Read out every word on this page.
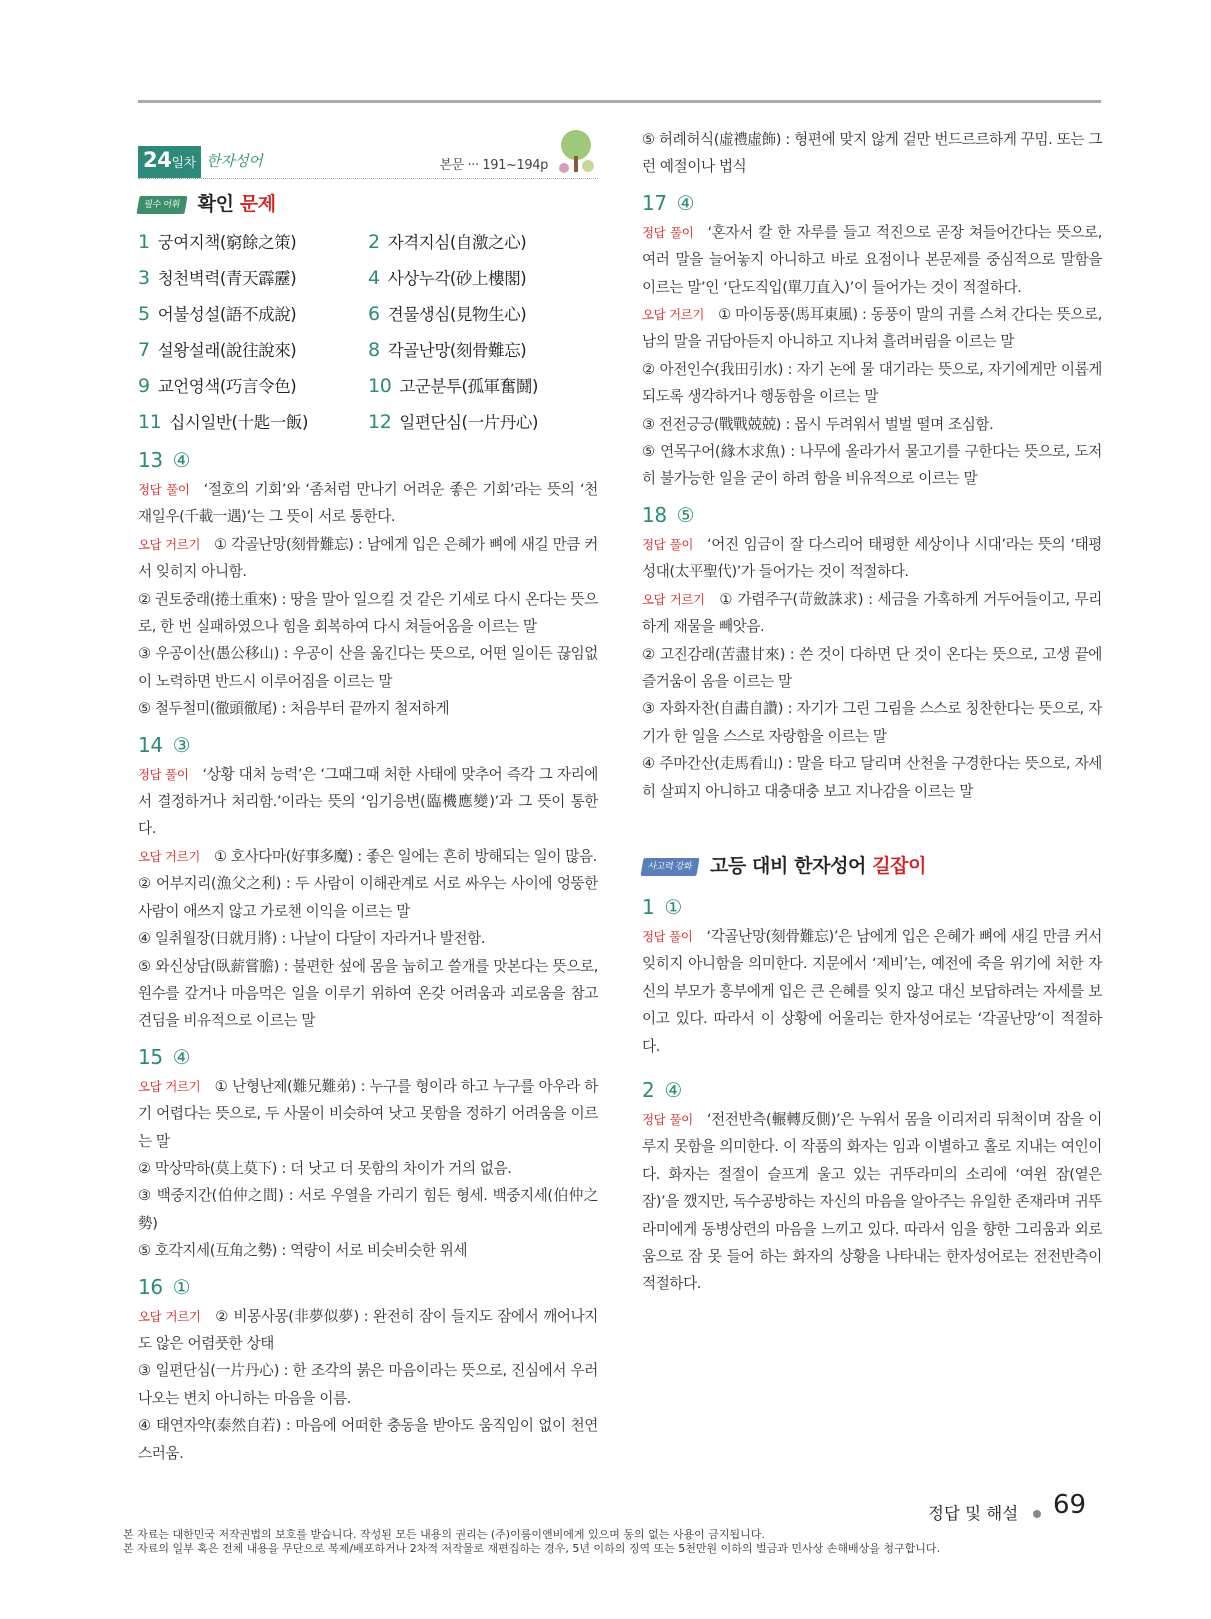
24일차 한자성어	본문 ··· 191~194p
필수 어휘 확인 문제
1 궁여지책(窮餘之策)	2 자격지심(自激之心)
3 청천벽력(青天霹靂)	4 사상누각(砂上樓閣)
5 어불성설(語不成說)	6 견물생심(見物生心)
7 설왕설래(說往說來)	8 각골난망(刻骨難忘)
9 교언영색(巧言令色)	10 고군분투(孤軍奮鬪)
11 십시일반(十匙一飯)	12 일편단심(一片丹心)
13 ④

정답 풀이 ‘절호의 기회’와 ‘좀처럼 만나기 어려운 좋은 기회’라는 뜻의 ‘천재일우(千載一遇)’는 그 뜻이 서로 통한다.

오답 거르기 ① 각골난망(刻骨難忘) : 남에게 입은 은혜가 뼈에 새길 만큼 커서 잊히지 아니함.

② 권토중래(捲土重來) : 땅을 말아 일으킬 것 같은 기세로 다시 온다는 뜻으로, 한 번 실패하였으나 힘을 회복하여 다시 쳐들어옴을 이르는 말

③ 우공이산(愚公移山) : 우공이 산을 옮긴다는 뜻으로, 어떤 일이든 끊임없이 노력하면 반드시 이루어짐을 이르는 말

⑤ 철두철미(徹頭徹尾) : 처음부터 끝까지 철저하게

14 ③

정답 풀이 ‘상황 대처 능력’은 ‘그때그때 처한 사태에 맞추어 즉각 그 자리에서 결정하거나 처리함.’이라는 뜻의 ‘임기응변(臨機應變)’과 그 뜻이 통한다.

오답 거르기 ① 호사다마(好事多魔) : 좋은 일에는 흔히 방해되는 일이 많음.

② 어부지리(漁父之利) : 두 사람이 이해관계로 서로 싸우는 사이에 엉뚱한 사람이 애쓰지 않고 가로챈 이익을 이르는 말

④ 일취월장(日就月將) : 나날이 다달이 자라거나 발전함.

⑤ 와신상담(臥薪嘗膽) : 불편한 섶에 몸을 눕히고 쓸개를 맛본다는 뜻으로, 원수를 갚거나 마음먹은 일을 이루기 위하여 온갖 어려움과 괴로움을 참고 견딤을 비유적으로 이르는 말

15 ④

오답 거르기 ① 난형난제(難兄難弟) : 누구를 형이라 하고 누구를 아우라 하기 어렵다는 뜻으로, 두 사물이 비슷하여 낫고 못함을 정하기 어려움을 이르는 말

② 막상막하(莫上莫下) : 더 낫고 더 못함의 차이가 거의 없음.

③ 백중지간(伯仲之間) : 서로 우열을 가리기 힘든 형세. 백중지세(伯仲之勢)

⑤ 호각지세(互角之勢) : 역량이 서로 비슷비슷한 위세

16 ①

오답 거르기 ② 비몽사몽(非夢似夢) : 완전히 잠이 들지도 잠에서 깨어나지도 않은 어렴풋한 상태

③ 일편단심(一片丹心) : 한 조각의 붉은 마음이라는 뜻으로, 진심에서 우러나오는 변치 아니하는 마음을 이름.

④ 태연자약(泰然自若) : 마음에 어떠한 충동을 받아도 움직임이 없이 천연스러움.

⑤ 허례허식(虛禮虛飾) : 형편에 맞지 않게 겉만 번드르르하게 꾸밈. 또는 그런 예절이나 법식

17 ④

정답 풀이 ‘혼자서 칼 한 자루를 들고 적진으로 곧장 쳐들어간다는 뜻으로, 여러 말을 늘어놓지 아니하고 바로 요점이나 본문제를 중심적으로 말함을 이르는 말’인 ‘단도직입(單刀直入)’이 들어가는 것이 적절하다.

오답 거르기 ① 마이동풍(馬耳東風) : 동풍이 말의 귀를 스쳐 간다는 뜻으로, 남의 말을 귀담아듣지 아니하고 지나쳐 흘려버림을 이르는 말

② 아전인수(我田引水) : 자기 논에 물 대기라는 뜻으로, 자기에게만 이롭게 되도록 생각하거나 행동함을 이르는 말

③ 전전긍긍(戰戰兢兢) : 몹시 두려워서 벌벌 떨며 조심함.

⑤ 연목구어(緣木求魚) : 나무에 올라가서 물고기를 구한다는 뜻으로, 도저히 불가능한 일을 굳이 하려 함을 비유적으로 이르는 말

18 ⑤

정답 풀이 ‘어진 임금이 잘 다스리어 태평한 세상이나 시대’라는 뜻의 ‘태평성대(太平聖代)’가 들어가는 것이 적절하다.

오답 거르기 ① 가렴주구(苛斂誅求) : 세금을 가혹하게 거두어들이고, 무리하게 재물을 빼앗음.

② 고진감래(苦盡甘來) : 쓴 것이 다하면 단 것이 온다는 뜻으로, 고생 끝에 즐거움이 옴을 이르는 말

③ 자화자찬(自畵自讚) : 자기가 그린 그림을 스스로 칭찬한다는 뜻으로, 자기가 한 일을 스스로 자랑함을 이르는 말

④ 주마간산(走馬看山) : 말을 타고 달리며 산천을 구경한다는 뜻으로, 자세히 살피지 아니하고 대충대충 보고 지나감을 이르는 말

사고력 강화 고등 대비 한자성어 길잡이
1 ①

정답 풀이 ‘각골난망(刻骨難忘)’은 남에게 입은 은혜가 뼈에 새길 만큼 커서 잊히지 아니함을 의미한다. 지문에서 ‘제비’는, 예전에 죽을 위기에 처한 자신의 부모가 흥부에게 입은 큰 은혜를 잊지 않고 대신 보답하려는 자세를 보이고 있다. 따라서 이 상황에 어울리는 한자성어로는 ‘각골난망’이 적절하다.

2 ④

정답 풀이 ‘전전반측(輾轉反側)’은 누워서 몸을 이리저리 뒤척이며 잠을 이루지 못함을 의미한다. 이 작품의 화자는 임과 이별하고 홀로 지내는 여인이다. 화자는 절절이 슬프게 울고 있는 귀뚜라미의 소리에 ‘여윈 잠(옅은 잠)’을 깼지만, 독수공방하는 자신의 마음을 알아주는 유일한 존재라며 귀뚜라미에게 동병상련의 마음을 느끼고 있다. 따라서 임을 향한 그리움과 외로움으로 잠 못 들어 하는 화자의 상황을 나타내는 한자성어로는 전전반측이 적절하다.

정답 및 해설 69
본 자료는 대한민국 저작권법의 보호를 받습니다. 작성된 모든 내용의 권리는 (주)이룸이앤비에게 있으며 동의 없는 사용이 금지됩니다.
본 자료의 일부 혹은 전체 내용을 무단으로 복제/배포하거나 2차적 저작물로 재편집하는 경우, 5년 이하의 징역 또는 5천만원 이하의 벌금과 민사상 손해배상을 청구합니다.
